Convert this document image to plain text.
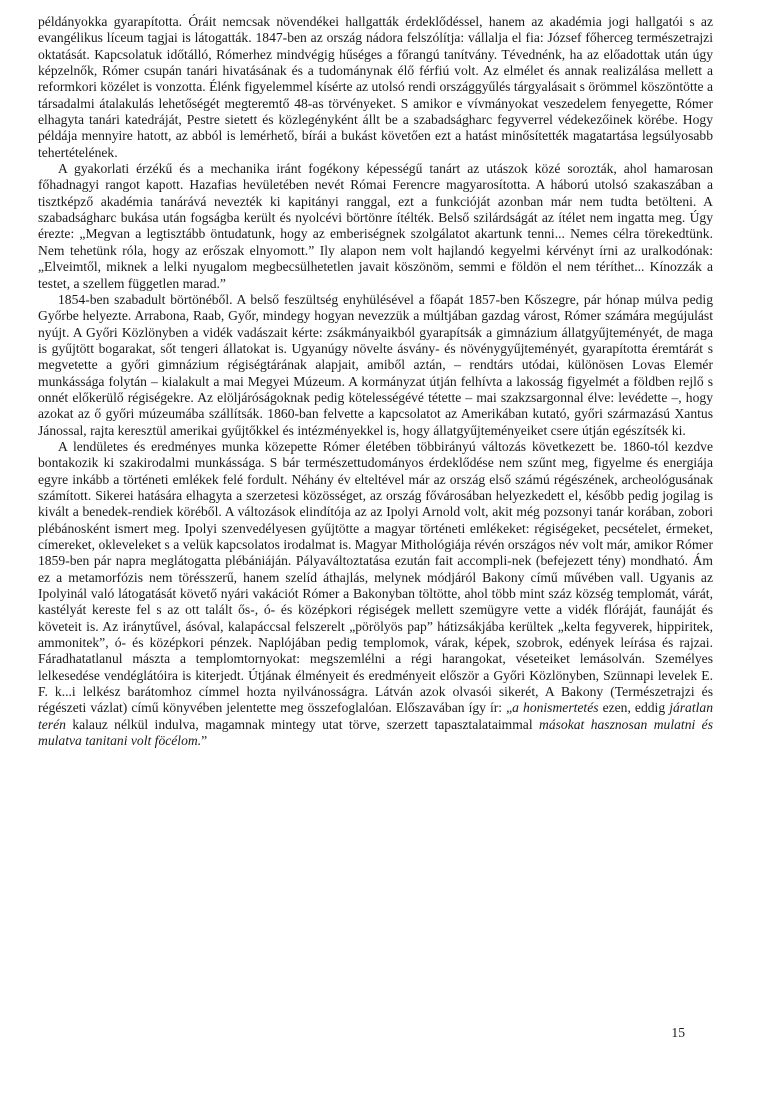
példányokka gyarapította. Óráit nemcsak növendékei hallgatták érdeklődéssel, hanem az akadémia jogi hallgatói s az evangélikus líceum tagjai is látogatták. 1847-ben az ország nádora felszólítja: vállalja el fia: József főherceg természetrajzi oktatását. Kapcsolatuk időtálló, Rómerhez mindvégig hűséges a főrangú tanítvány. Tévednénk, ha az előadottak után úgy képzelnők, Rómer csupán tanári hivatásának és a tudománynak élő férfiú volt. Az elmélet és annak realizálása mellett a reformkori közélet is vonzotta. Élénk figyelemmel kísérte az utolsó rendi országgyűlés tárgyalásait s örömmel köszöntötte a társadalmi átalakulás lehetőségét megteremtő 48-as törvényeket. S amikor e vívmányokat veszedelem fenyegette, Rómer elhagyta tanári katedráját, Pestre sietett és közlegényként állt be a szabadságharc fegyverrel védekezőinek körébe. Hogy példája mennyire hatott, az abból is lemérhető, bírái a bukást követően ezt a hatást minősítették magatartása legsúlyosabb tehertételének.

A gyakorlati érzékű és a mechanika iránt fogékony képességű tanárt az utászok közé sorozták, ahol hamarosan főhadnagyi rangot kapott. Hazafias hevületében nevét Római Ferencre magyarosította. A háború utolsó szakaszában a tisztképző akadémia tanárává nevezték ki kapitányi ranggal, ezt a funkcióját azonban már nem tudta betölteni. A szabadságharc bukása után fogságba került és nyolcévi börtönre ítélték. Belső szilárdságát az ítélet nem ingatta meg. Úgy érezte: „Megvan a legtisztább öntudatunk, hogy az emberiségnek szolgálatot akartunk tenni... Nemes célra törekedtünk. Nem tehetünk róla, hogy az erőszak elnyomott.” Ily alapon nem volt hajlandó kegyelmi kérvényt írni az uralkodónak: „Elveimtől, miknek a lelki nyugalom megbecsülhetetlen javait köszönöm, semmi e földön el nem téríthet... Kínozzák a testet, a szellem független marad.”

1854-ben szabadult börtönéből. A belső feszültség enyhülésével a főapát 1857-ben Kőszegre, pár hónap múlva pedig Győrbe helyezte. Arrabona, Raab, Győr, mindegy hogyan nevezzük a múltjában gazdag várost, Rómer számára megújulást nyújt. A Győri Közlönyben a vidék vadászait kérte: zsákmányaikból gyarapítsák a gimnázium állatgyűjteményét, de maga is gyűjtött bogarakat, sőt tengeri állatokat is. Ugyanúgy növelte ásvány- és növénygyűjteményét, gyarapította éremtárát s megvetette a győri gimnázium régiségtárának alapjait, amiből aztán, – rendtárs utódai, különösen Lovas Elemér munkássága folytán – kialakult a mai Megyei Múzeum. A kormányzat útján felhívta a lakosság figyelmét a földben rejlő s onnét előkerülő régiségekre. Az elöljáróságoknak pedig kötelességévé tétette – mai szakzsargonnal élve: levédette –, hogy azokat az ő győri múzeumába szállítsák. 1860-ban felvette a kapcsolatot az Amerikában kutató, győri származású Xantus Jánossal, rajta keresztül amerikai gyűjtőkkel és intézményekkel is, hogy állatgyűjteményeiket csere útján egészítsék ki.

A lendületes és eredményes munka közepette Rómer életében többirányú változás következett be. 1860-tól kezdve bontakozik ki szakirodalmi munkássága. S bár természettudományos érdeklődése nem szűnt meg, figyelme és energiája egyre inkább a történeti emlékek felé fordult. Néhány év elteltével már az ország első számú régészének, archeológusának számított. Sikerei hatására elhagyta a szerzetesi közösséget, az ország fővárosában helyezkedett el, később pedig jogilag is kivált a benedek-rendiek köréből. A változások elindítója az az Ipolyi Arnold volt, akit még pozsonyi tanár korában, zobori plébánosként ismert meg. Ipolyi szenvedélyesen gyűjtötte a magyar történeti emlékeket: régiségeket, pecsételet, érmeket, címereket, okleveleket s a velük kapcsolatos irodalmat is. Magyar Mithológiája révén országos név volt már, amikor Rómer 1859-ben pár napra meglátogatta plébániáján. Pályaváltoztatása ezután fait accompli-nek (befejezett tény) mondható. Ám ez a metamorfózis nem törésszerű, hanem szelíd áthajlás, melynek módjáról Bakony című művében vall. Ugyanis az Ipolyinál való látogatását követő nyári vakációt Rómer a Bakonyban töltötte, ahol több mint száz község templomát, várát, kastélyát kereste fel s az ott talált ős-, ó- és középkori régiségek mellett szemügyre vette a vidék flóráját, faunáját és követeit is. Az iránytűvel, ásóval, kalapáccsal felszerelt „pörölyös pap” hátizsákjába kerültek „kelta fegyverek, hippiritek, ammonitek”, ó- és középkori pénzek. Naplójában pedig templomok, várak, képek, szobrok, edények leírása és rajzai. Fáradhatatlanul mászta a templomtornyokat: megszemlélni a régi harangokat, véseteiket lemásolván. Személyes lelkesedése vendéglátóira is kiterjedt. Útjának élményeit és eredményeit először a Győri Közlönyben, Szünnapi levelek E. F. k...i lelkész barátomhoz címmel hozta nyilvánosságra. Látván azok olvasói sikerét, A Bakony (Természetrajzi és régészeti vázlat) című könyvében jelentette meg összefoglalóan. Előszavában így ír: „a honismertetés ezen, eddig járatlan terén kalauz nélkül indulva, magamnak mintegy utat törve, szerzett tapasztalataimmal másokat hasznosan mulatni és mulatva tanitani volt föcélom.”

15
